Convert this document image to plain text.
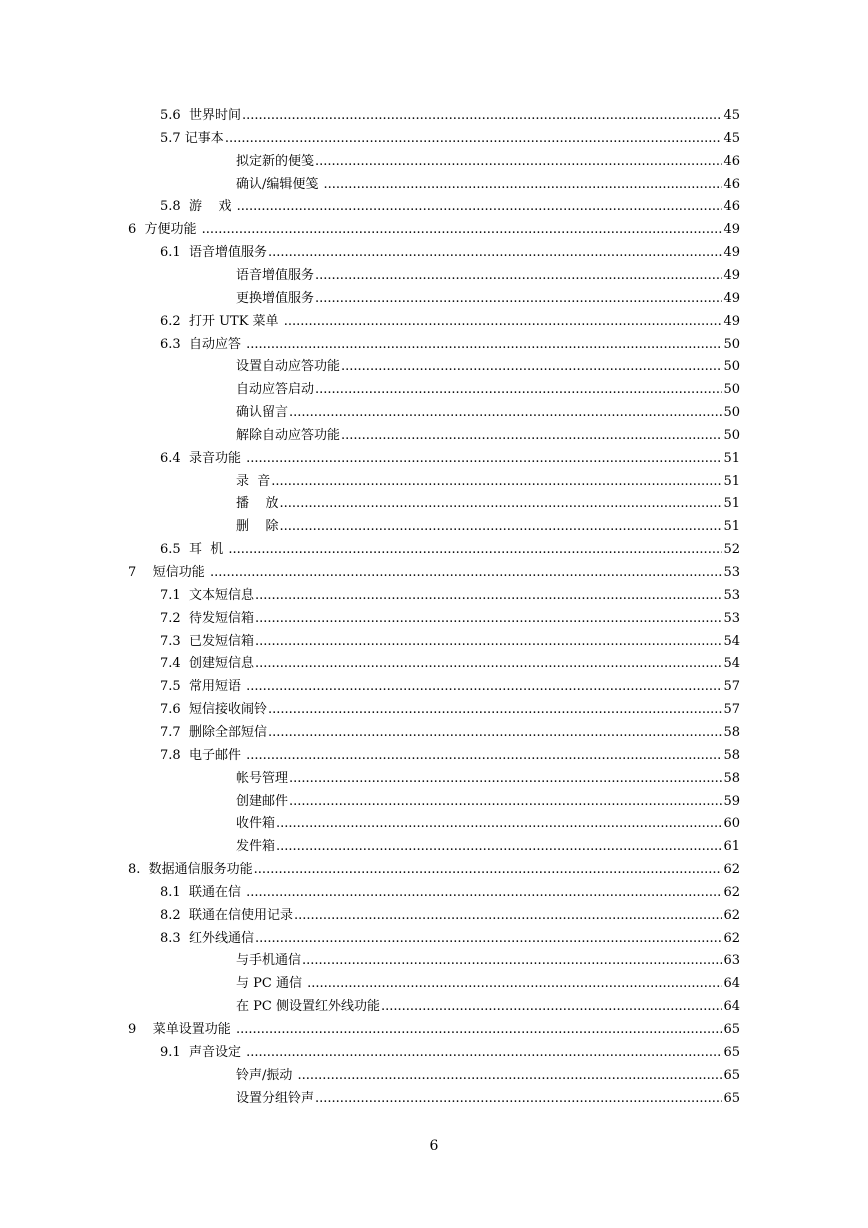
5.6  世界时间 .....	45
5.7 记事本 .....	45
拟定新的便笺 .....	46
确认/编辑便笺 .....	46
5.8  游    戏 .....	46
6  方便功能 .....	49
6.1  语音增值服务 .....	49
语音增值服务 .....	49
更换增值服务 .....	49
6.2  打开 UTK 菜单 .....	49
6.3  自动应答 .....	50
设置自动应答功能 .....	50
自动应答启动 .....	50
确认留言 .....	50
解除自动应答功能 .....	50
6.4  录音功能 .....	51
录  音 .....	51
播    放 .....	51
删    除 .....	51
6.5  耳  机 .....	52
7    短信功能 .....	53
7.1  文本短信息 .....	53
7.2  待发短信箱 .....	53
7.3  已发短信箱 .....	54
7.4  创建短信息 .....	54
7.5  常用短语 .....	57
7.6  短信接收闹铃 .....	57
7.7  删除全部短信 .....	58
7.8  电子邮件 .....	58
帐号管理 .....	58
创建邮件 .....	59
收件箱 .....	60
发件箱 .....	61
8.  数据通信服务功能 .....	62
8.1  联通在信 .....	62
8.2  联通在信使用记录 .....	62
8.3  红外线通信 .....	62
与手机通信 .....	63
与 PC 通信 .....	64
在 PC 侧设置红外线功能 .....	64
9    菜单设置功能 .....	65
9.1  声音设定 .....	65
铃声/振动 .....	65
设置分组铃声 .....	65
6
